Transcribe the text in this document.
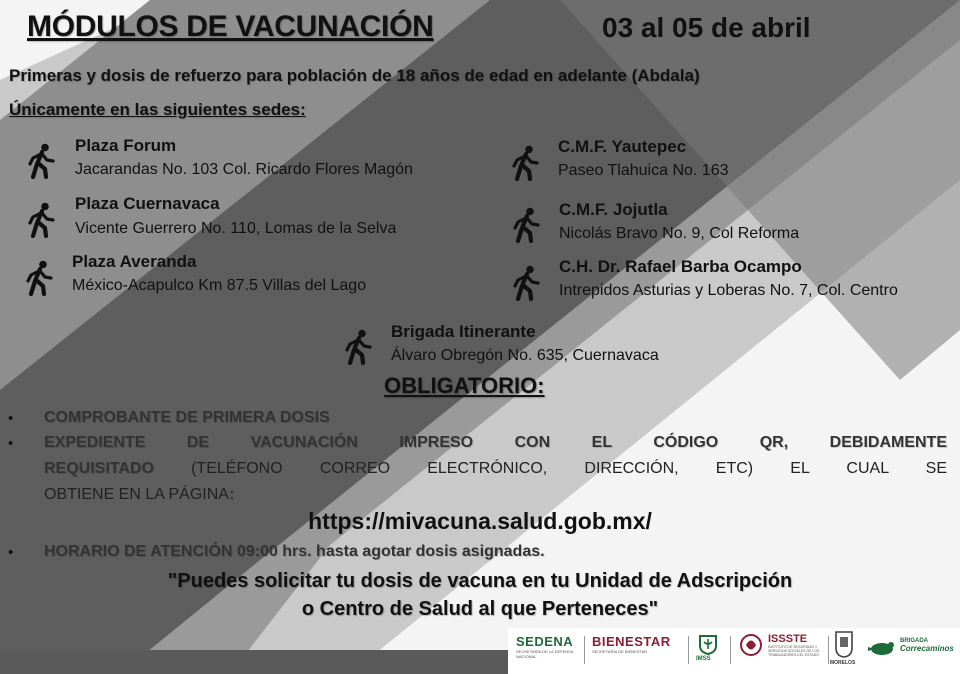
MÓDULOS DE VACUNACIÓN	03 al 05 de abril
Primeras y dosis de refuerzo para población de 18 años de edad en adelante (Abdala)
Únicamente en las siguientes sedes:
Plaza Forum
Jacarandas No. 103 Col. Ricardo Flores Magón
Plaza Cuernavaca
Vicente Guerrero No. 110, Lomas de la Selva
Plaza Averanda
México-Acapulco Km 87.5 Villas del Lago
C.M.F. Yautepec
Paseo Tlahuica No. 163
C.M.F. Jojutla
Nicolás Bravo No. 9, Col Reforma
C.H. Dr. Rafael Barba Ocampo
Intrepidos Asturias y Loberas No. 7, Col. Centro
Brigada Itinerante
Álvaro Obregón No. 635, Cuernavaca
OBLIGATORIO:
• COMPROBANTE DE PRIMERA DOSIS
• EXPEDIENTE DE VACUNACIÓN IMPRESO CON EL CÓDIGO QR, DEBIDAMENTE
REQUISITADO (TELÉFONO CORREO ELECTRÓNICO, DIRECCIÓN, ETC) EL CUAL SE
OBTIENE EN LA PÁGINA:
https://mivacuna.salud.gob.mx/
• HORARIO DE ATENCIÓN 09:00 hrs. hasta agotar dosis asignadas.
"Puedes solicitar tu dosis de vacuna en tu Unidad de Adscripción
o Centro de Salud al que Perteneces"
SEDENA
SECRETARÍA DE LA DEFENSA NACIONAL
BIENESTAR
SECRETARÍA DE BIENESTAR
IMSS
ISSSTE
INSTITUTO DE SEGURIDAD Y SERVICIOS SOCIALES DE LOS TRABAJADORES DEL ESTADO
MORELOS
BRIGADA
Correcaminos
